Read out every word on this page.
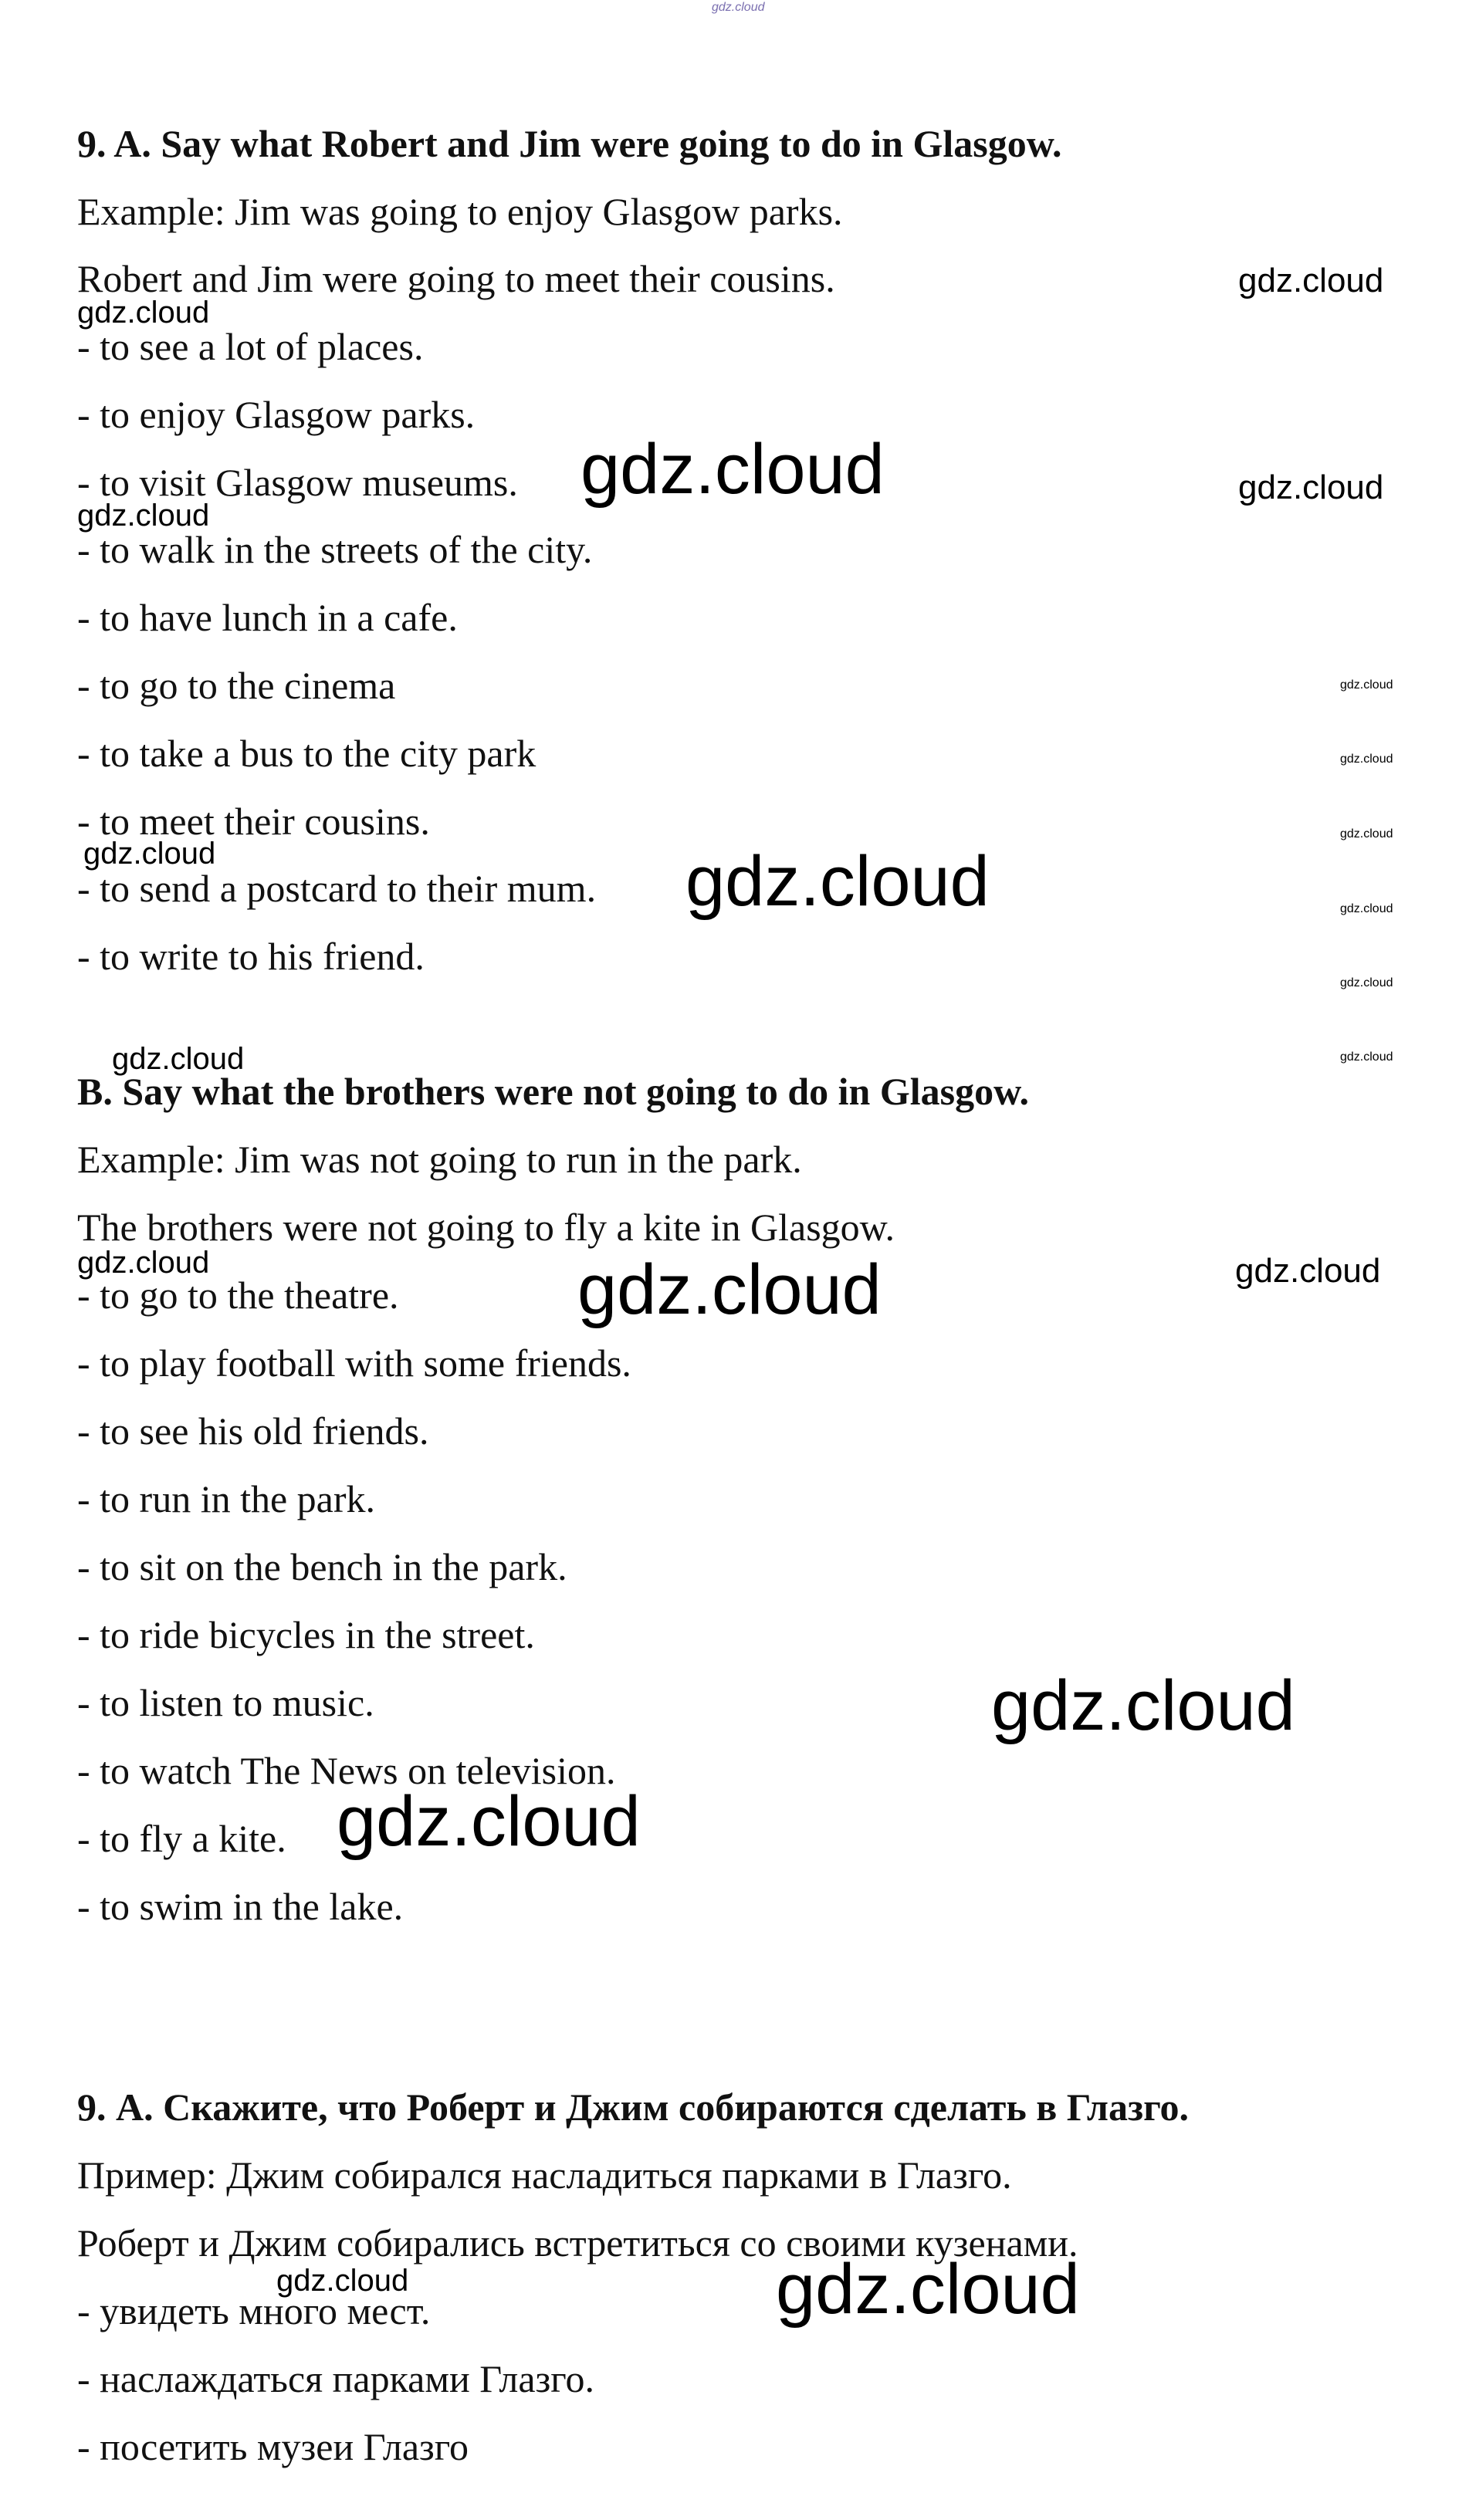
gdz.cloud
9. A. Say what Robert and Jim were going to do in Glasgow.
Example: Jim was going to enjoy Glasgow parks.
Robert and Jim were going to meet their cousins.
- to see a lot of places.
- to enjoy Glasgow parks.
- to visit Glasgow museums.
- to walk in the streets of the city.
- to have lunch in a cafe.
- to go to the cinema
- to take a bus to the city park
- to meet their cousins.
- to send a postcard to their mum.
- to write to his friend.
B. Say what the brothers were not going to do in Glasgow.
Example: Jim was not going to run in the park.
The brothers were not going to fly a kite in Glasgow.
- to go to the theatre.
- to play football with some friends.
- to see his old friends.
- to run in the park.
- to sit on the bench in the park.
- to ride bicycles in the street.
- to listen to music.
- to watch The News on television.
- to fly a kite.
- to swim in the lake.
9. А. Скажите, что Роберт и Джим собираются сделать в Глазго.
Пример: Джим собирался насладиться парками в Глазго.
Роберт и Джим собирались встретиться со своими кузенами.
- увидеть много мест.
- наслаждаться парками Глазго.
- посетить музеи Глазго
gdz.cloud
gdz.cloud
gdz.cloud	gdz.cloud
gdz.cloud
gdz.cloud
gdz.cloud
gdz.cloud
gdz.cloud
gdz.cloud
gdz.cloud
gdz.cloud
gdz.cloud	gdz.cloud
gdz.cloud	gdz.cloud
gdz.cloud
gdz.cloud
gdz.cloud
gdz.cloud	gdz.cloud
